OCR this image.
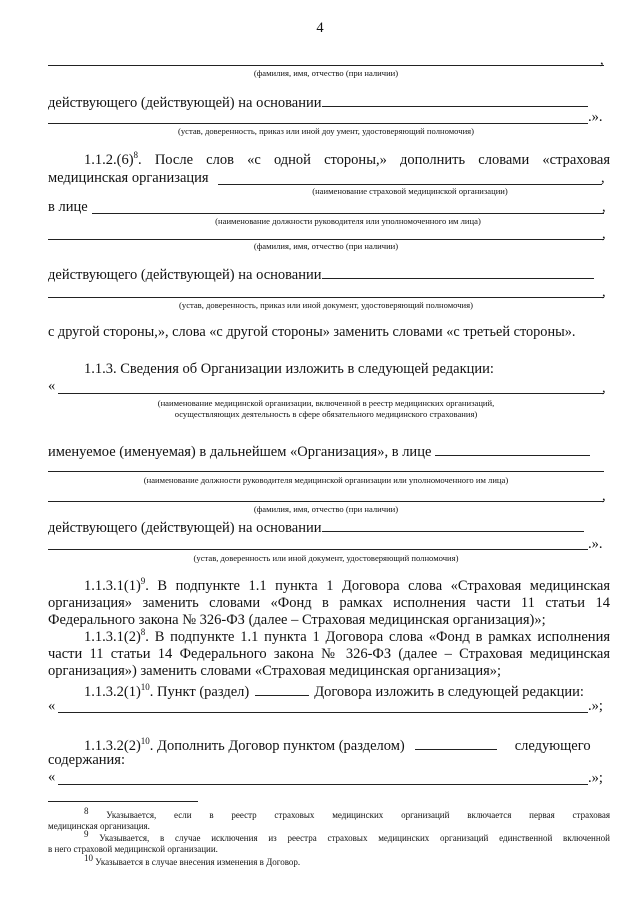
4
,
(фамилия, имя, отчество (при наличии)
действующего (действующей) на основании
.».
(устав, доверенность, приказ или иной доу умент, удостоверяющий полномочия)
$1.1.2.(6)^8$. После слов «с одной стороны,» дополнить словами «страховая
медицинская организация	,
(наименование страховой медицинской организации)
в лице	,
(наименование должности руководителя или уполномоченного им лица)
,
(фамилия, имя, отчество (при наличии)
действующего (действующей) на основании
,
(устав, доверенность, приказ или иной документ, удостоверяющий полномочия)
с другой стороны,», слова «с другой стороны» заменить словами «с третьей стороны».
1.1.3. Сведения об Организации изложить в следующей редакции:
«	,
(наименование медицинской организации, включенной в реестр медицинских организаций,
осуществляющих деятельность в сфере обязательного медицинского страхования)
именуемое (именуемая) в дальнейшем «Организация», в лице
(наименование должности руководителя медицинской организации или уполномоченного им лица)
,
(фамилия, имя, отчество (при наличии)
действующего (действующей) на основании
.».
(устав, доверенность или иной документ, удостоверяющий полномочия)
$1.1.3.1(1)^9$. В подпункте 1.1 пункта 1 Договора слова «Страховая медицинская
организация» заменить словами «Фонд в рамках исполнения части 11 статьи 14
Федерального закона № 326-ФЗ (далее – Страховая медицинская организация)»;
$1.1.3.1(2)^8$. В подпункте 1.1 пункта 1 Договора слова «Фонд в рамках исполнения
части 11 статьи 14 Федерального закона № 326-ФЗ (далее – Страховая медицинская
организация») заменить словами «Страховая медицинская организация»;
$1.1.3.2(1)^{10}$. Пункт (раздел)	Договора изложить в следующей редакции:
«	.»;
$1.1.3.2(2)^{10}$. Дополнить Договор пунктом (разделом)	следующего
содержания:
«	.»;
$^8$ Указывается, если в реестр страховых медицинских организаций включается первая страховая
медицинская организация.
$^9$ Указывается, в случае исключения из реестра страховых медицинских организаций единственной включенной
в него страховой медицинской организации.
$^{10}$ Указывается в случае внесения изменения в Договор.
